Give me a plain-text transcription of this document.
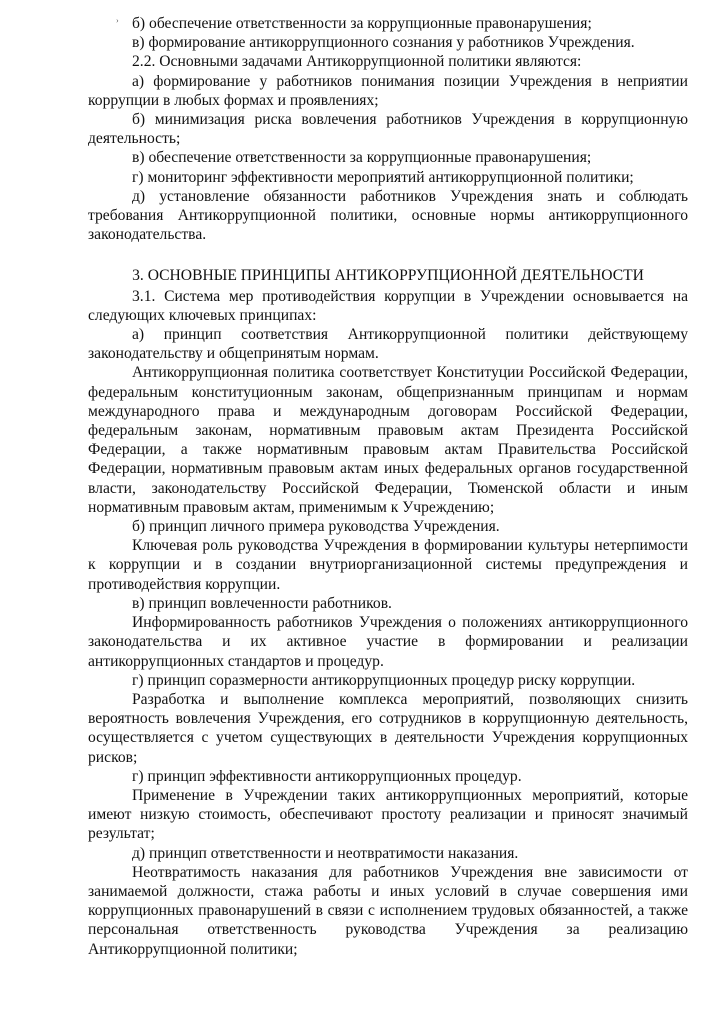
› б) обеспечение ответственности за коррупционные правонарушения;

в) формирование антикоррупционного сознания у работников Учреждения.

2.2. Основными задачами Антикоррупционной политики являются:

а) формирование у работников понимания позиции Учреждения в неприятии коррупции в любых формах и проявлениях;

б) минимизация риска вовлечения работников Учреждения в коррупционную деятельность;

в) обеспечение ответственности за коррупционные правонарушения;

г) мониторинг эффективности мероприятий антикоррупционной политики;

д) установление обязанности работников Учреждения знать и соблюдать требования Антикоррупционной политики, основные нормы антикоррупционного законодательства.

3. ОСНОВНЫЕ ПРИНЦИПЫ АНТИКОРРУПЦИОННОЙ ДЕЯТЕЛЬНОСТИ

3.1. Система мер противодействия коррупции в Учреждении основывается на следующих ключевых принципах:

а) принцип соответствия Антикоррупционной политики действующему законодательству и общепринятым нормам.

Антикоррупционная политика соответствует Конституции Российской Федерации, федеральным конституционным законам, общепризнанным принципам и нормам международного права и международным договорам Российской Федерации, федеральным законам, нормативным правовым актам Президента Российской Федерации, а также нормативным правовым актам Правительства Российской Федерации, нормативным правовым актам иных федеральных органов государственной власти, законодательству Российской Федерации, Тюменской области и иным нормативным правовым актам, применимым к Учреждению;

б) принцип личного примера руководства Учреждения.

Ключевая роль руководства Учреждения в формировании культуры нетерпимости к коррупции и в создании внутриорганизационной системы предупреждения и противодействия коррупции.

в) принцип вовлеченности работников.

Информированность работников Учреждения о положениях антикоррупционного законодательства и их активное участие в формировании и реализации антикоррупционных стандартов и процедур.

г) принцип соразмерности антикоррупционных процедур риску коррупции.

Разработка и выполнение комплекса мероприятий, позволяющих снизить вероятность вовлечения Учреждения, его сотрудников в коррупционную деятельность, осуществляется с учетом существующих в деятельности Учреждения коррупционных рисков;

г) принцип эффективности антикоррупционных процедур.

Применение в Учреждении таких антикоррупционных мероприятий, которые имеют низкую стоимость, обеспечивают простоту реализации и приносят значимый результат;

д) принцип ответственности и неотвратимости наказания.

Неотвратимость наказания для работников Учреждения вне зависимости от занимаемой должности, стажа работы и иных условий в случае совершения ими коррупционных правонарушений в связи с исполнением трудовых обязанностей, а также персональная ответственность руководства Учреждения за реализацию Антикоррупционной политики;
